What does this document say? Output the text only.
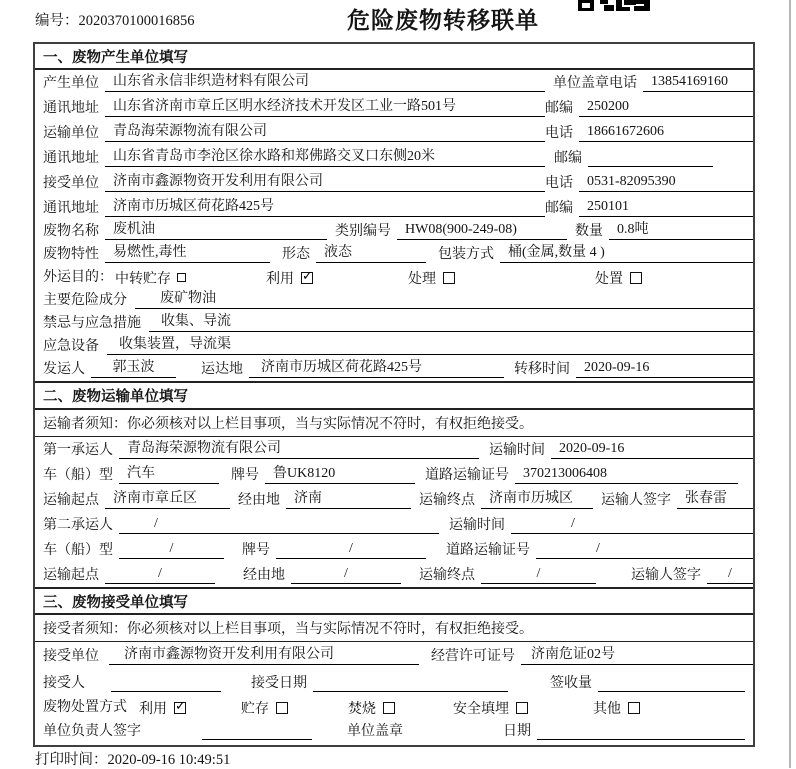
编号：2020370100016856	危险废物转移联单
一、废物产生单位填写
产生单位	山东省永信非织造材料有限公司	单位盖章 电话	13854169160
通讯地址	山东省济南市章丘区明水经济技术开发区工业一路501号	邮编	250200
运输单位	青岛海荣源物流有限公司	电话	18661672606
通讯地址	山东省青岛市李沧区徐水路和郑佛路交叉口东侧20米	邮编
接受单位	济南市鑫源物资开发利用有限公司	电话	0531-82095390
通讯地址	济南市历城区荷花路425号	邮编	250101
废物名称	废机油	类别编号	HW08(900-249-08)	数量	0.8吨
废物特性	易燃性,毒性	形态	液态	包装方式	桶(金属,数量 4 )
外运目的： 中转贮存	利用 ✓	处理	处置
主要危险成分	废矿物油
禁忌与应急措施	收集、导流
应急设备	收集装置，导流渠
发运人	郭玉波	运达地	济南市历城区荷花路425号	转移时间	2020-09-16
二、废物运输单位填写
运输者须知：你必须核对以上栏目事项，当与实际情况不符时，有权拒绝接受。
第一承运人	青岛海荣源物流有限公司	运输时间	2020-09-16
车（船）型	汽车	牌号	鲁UK8120	道路运输证号	370213006408
运输起点	济南市章丘区	经由地	济南	运输终点	济南市历城区	运输人签字	张春雷
第二承运人	/	运输时间	/
车（船）型	/	牌号	/	道路运输证号	/
运输起点	/	经由地	/	运输终点	/	运输人签字	/
三、废物接受单位填写
接受者须知：你必须核对以上栏目事项，当与实际情况不符时，有权拒绝接受。
接受单位	济南市鑫源物资开发利用有限公司	经营许可证号	济南危证02号
接受人	接受日期	签收量
废物处置方式 利用 ✓	贮存	焚烧	安全填埋	其他
单位负责人签字	单位盖章	日期
打印时间：2020-09-16 10:49:51
